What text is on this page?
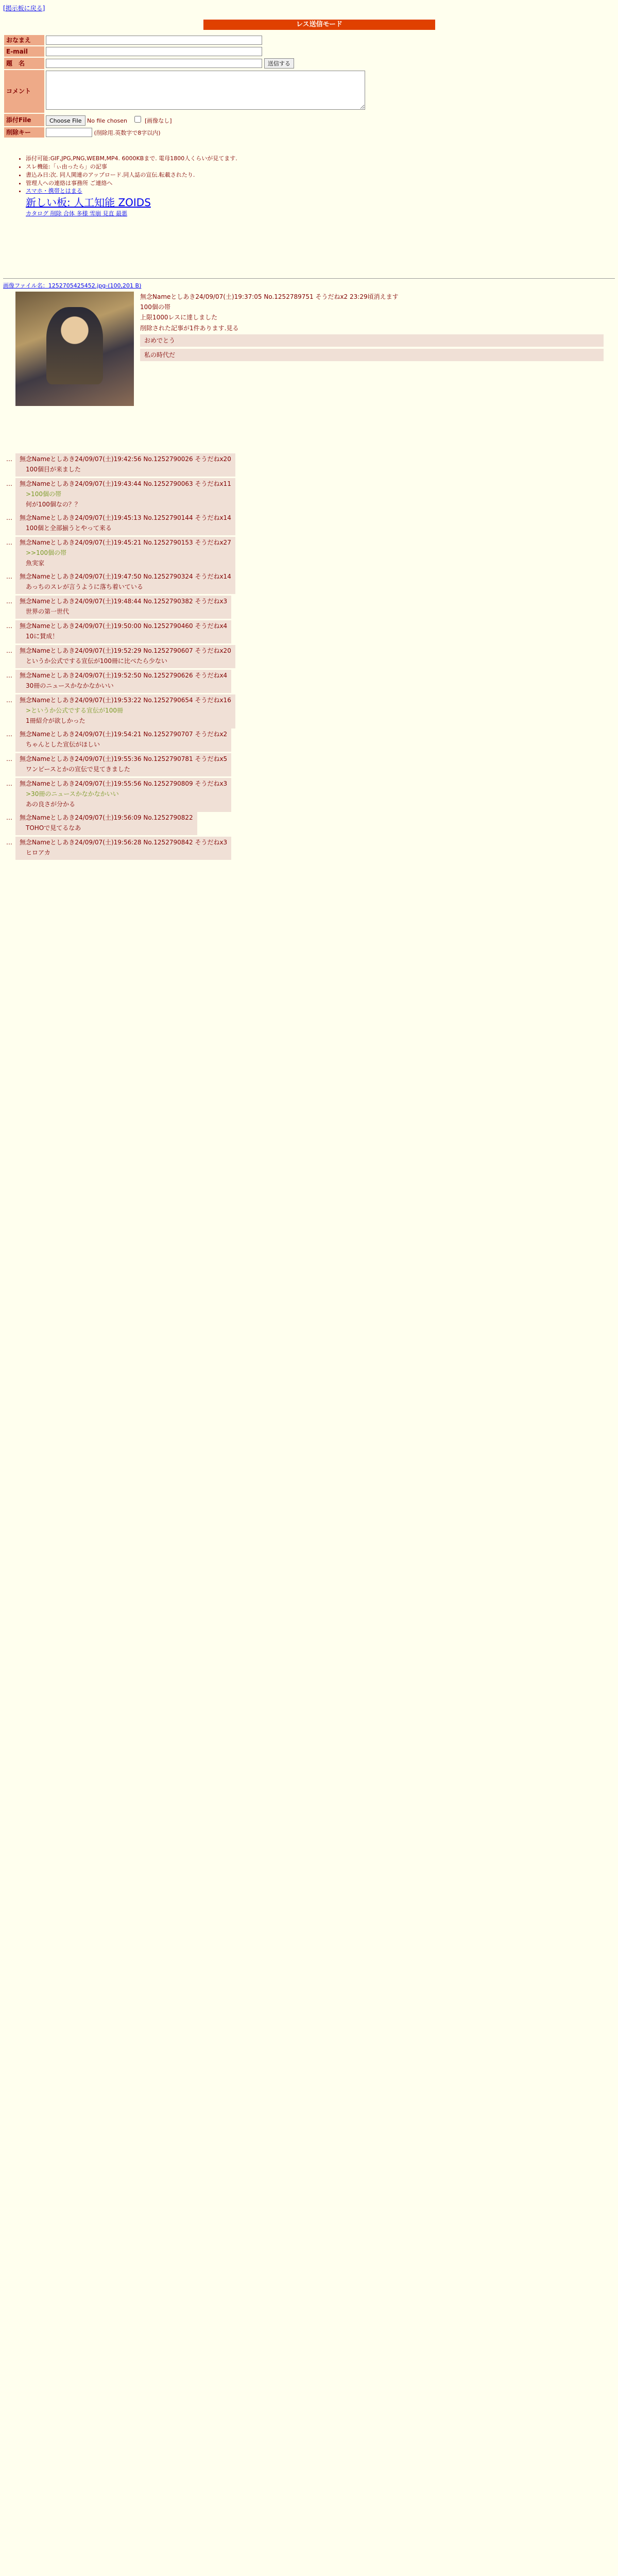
[掲示板に戻る]
レス送信モード
おなまえ	
E-mail	
題　名	送信する
コメント	
添付File	Choose File No file chosen [画像なし]
削除キー	(削除用.英数字で8字以内)
• 添付可能:GIF,JPG,PNG,WEBM,MP4. 6000KBまで. 電母1800人くらいが見てます.
• スレ機能:「ぃ由ったら」の記事
• 書込み日:次. 同人関連のアップロード.同人誌の宣伝.転載されたり.
• 管理人への連絡は事務所 ご連絡へ
• スマホ・携帯とはまる
新しい板: 人工知能 ZOIDS
カタログ 削除 合体 多様 雪崩 見直 最悪
画像ファイル名：1252705425452.jpg-(100,201 B)

無念Nameとしあき24/09/07(土)19:37:05 No.1252789751 そうだねx2 23:29頃消えます

100個の帯

上限1000レスに達しました

削除された記事が1件あります.見る

おめでとう

私の時代だ

… 無念Nameとしあき24/09/07(土)19:42:56 No.1252790026 そうだねx20
100個目が来ました
… 無念Nameとしあき24/09/07(土)19:43:44 No.1252790063 そうだねx11
>100個の帯
何が100個なの？？
… 無念Nameとしあき24/09/07(土)19:45:13 No.1252790144 そうだねx14
100個と全部揃うとやって来る
… 無念Nameとしあき24/09/07(土)19:45:21 No.1252790153 そうだねx27
>>100個の帯
魚実家
… 無念Nameとしあき24/09/07(土)19:47:50 No.1252790324 そうだねx14
あっちのスレが言うように落ち着いている
… 無念Nameとしあき24/09/07(土)19:48:44 No.1252790382 そうだねx3
世界の第一世代
… 無念Nameとしあき24/09/07(土)19:50:00 No.1252790460 そうだねx4
10に賛成！
… 無念Nameとしあき24/09/07(土)19:52:29 No.1252790607 そうだねx20
というか公式でする宣伝が100冊に比べたら少ない
… 無念Nameとしあき24/09/07(土)19:52:50 No.1252790626 そうだねx4
30冊のニュースかなかなかいい
… 無念Nameとしあき24/09/07(土)19:53:22 No.1252790654 そうだねx16
>というか公式でする宣伝が100冊
1冊紹介が欲しかった
… 無念Nameとしあき24/09/07(土)19:54:21 No.1252790707 そうだねx2
ちゃんとした宣伝がほしい
… 無念Nameとしあき24/09/07(土)19:55:36 No.1252790781 そうだねx5
ワンピースとかの宣伝で見てきました
… 無念Nameとしあき24/09/07(土)19:55:56 No.1252790809 そうだねx3
>30冊のニュースかなかなかいい
あの良さが分かる
… 無念Nameとしあき24/09/07(土)19:56:09 No.1252790822
TOHOで見てるなあ
… 無念Nameとしあき24/09/07(土)19:56:28 No.1252790842 そうだねx3
ヒロアカ
